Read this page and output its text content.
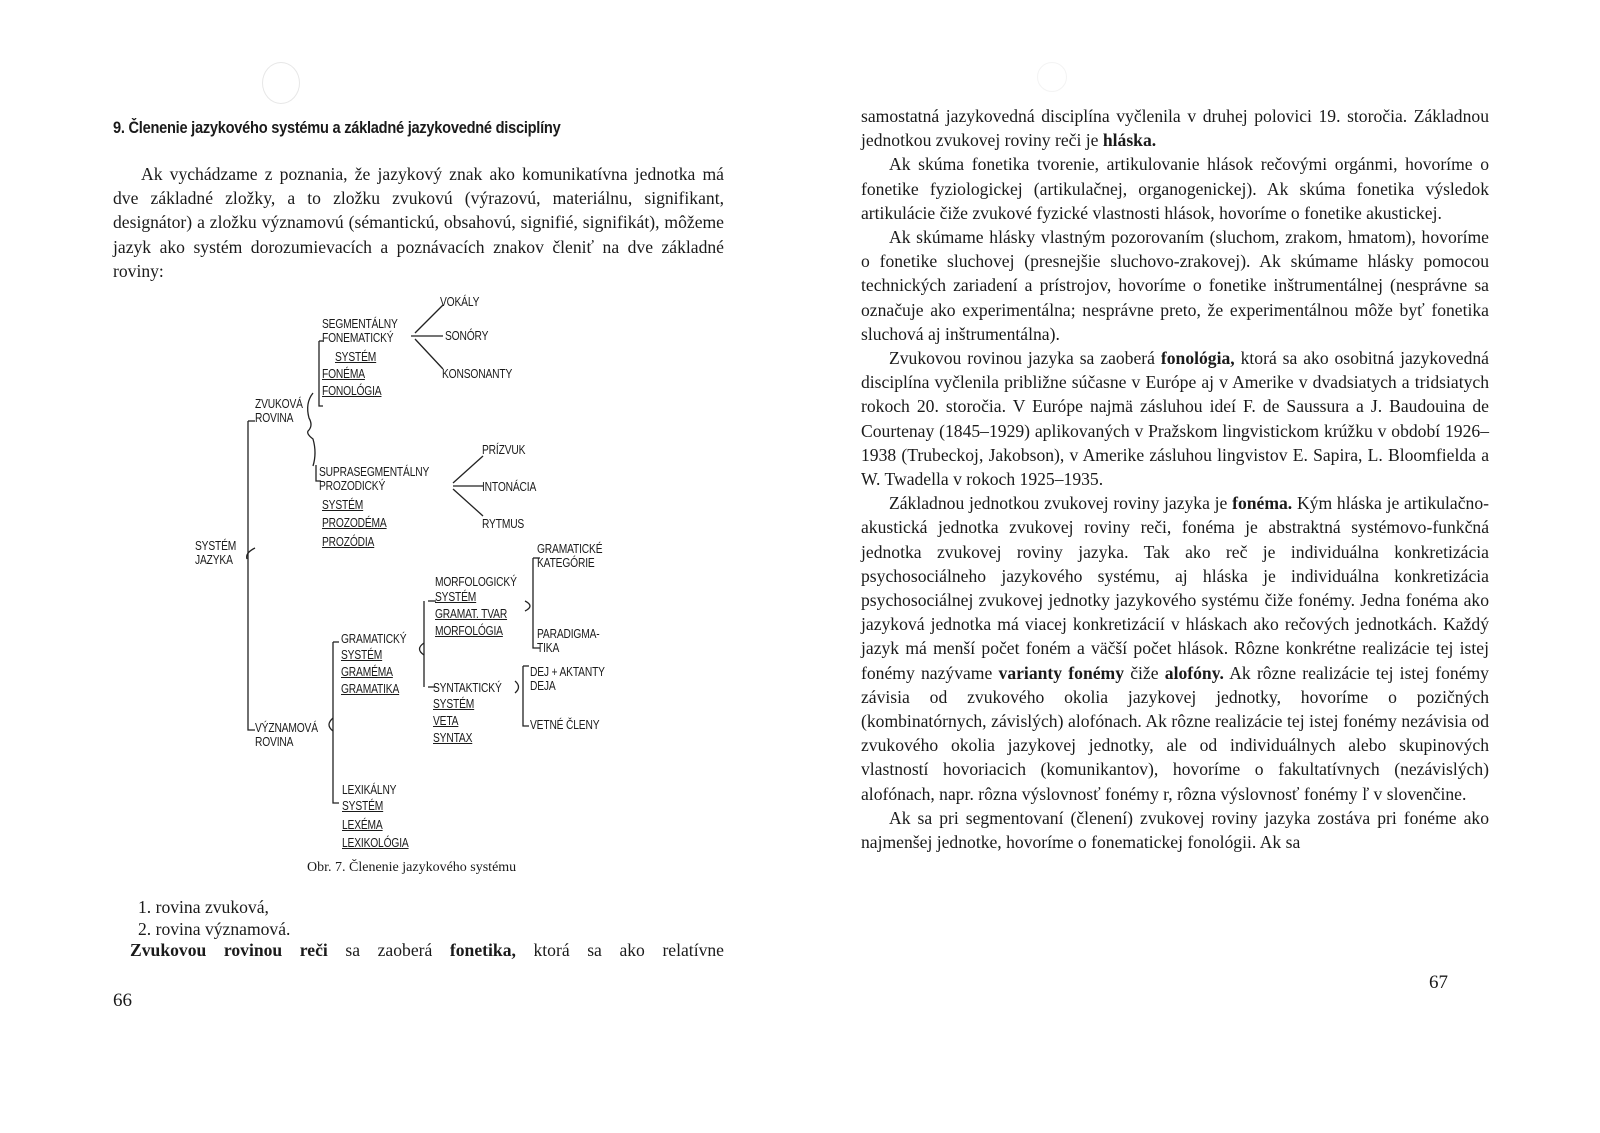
9. Členenie jazykového systému a základné jazykovedné disciplíny

Ak vychádzame z poznania, že jazykový znak ako komunikatívna jednotka má dve základné zložky, a to zložku zvukovú (výrazovú, materiálnu, signifikant, designátor) a zložku významovú (sémantickú, obsahovú, signifié, signifikát), môžeme jazyk ako systém dorozumievacích a poznávacích znakov členiť na dve základné roviny:

VOKÁLY
SEGMENTÁLNY
FONEMATICKÝ	SONÓRY
SYSTÉM
FONÉMA	KONSONANTY
FONOLÓGIA
ZVUKOVÁ
ROVINA
PRÍZVUK
SUPRASEGMENTÁLNY
PROZODICKÝ	INTONÁCIA
SYSTÉM
PROZODÉMA	RYTMUS
PROZÓDIA
SYSTÉM
JAZYKA
GRAMATICKÉ
KATEGÓRIE
MORFOLOGICKÝ
SYSTÉM
GRAMAT. TVAR
MORFOLÓGIA	PARADIGMA-
TIKA
GRAMATICKÝ
SYSTÉM
DEJ + AKTANTY
GRAMÉMA
DEJA
SYNTAKTICKÝ
GRAMATIKA
SYSTÉM
VETA
VÝZNAMOVÁ
ROVINA
VETNÉ ČLENY
SYNTAX
LEXIKÁLNY
SYSTÉM
LEXÉMA
LEXIKOLÓGIA
Obr. 7. Členenie jazykového systému
1. rovina zvuková,
2. rovina významová.
Zvukovou rovinou reči sa zaoberá fonetika, ktorá sa ako relatívne
66

samostatná jazykovedná disciplína vyčlenila v druhej polovici 19. storočia. Základnou jednotkou zvukovej roviny reči je hláska.

Ak skúma fonetika tvorenie, artikulovanie hlások rečovými orgánmi, hovoríme o fonetike fyziologickej (artikulačnej, organogenickej). Ak skúma fonetika výsledok artikulácie čiže zvukové fyzické vlastnosti hlások, hovoríme o fonetike akustickej.

Ak skúmame hlásky vlastným pozorovaním (sluchom, zrakom, hmatom), hovoríme o fonetike sluchovej (presnejšie sluchovo-zrakovej). Ak skúmame hlásky pomocou technických zariadení a prístrojov, hovoríme o fonetike inštrumentálnej (nesprávne sa označuje ako experimentálna; nesprávne preto, že experimentálnou môže byť fonetika sluchová aj inštrumentálna).

Zvukovou rovinou jazyka sa zaoberá fonológia, ktorá sa ako osobitná jazykovedná disciplína vyčlenila približne súčasne v Európe aj v Amerike v dvadsiatych a tridsiatych rokoch 20. storočia. V Európe najmä zásluhou ideí F. de Saussura a J. Baudouina de Courtenay (1845–1929) aplikovaných v Pražskom lingvistickom krúžku v období 1926–1938 (Trubeckoj, Jakobson), v Amerike zásluhou lingvistov E. Sapira, L. Bloomfielda a W. Twadella v rokoch 1925–1935.

Základnou jednotkou zvukovej roviny jazyka je fonéma. Kým hláska je artikulačno-akustická jednotka zvukovej roviny reči, fonéma je abstraktná systémovo-funkčná jednotka zvukovej roviny jazyka. Tak ako reč je individuálna konkretizácia psychosociálneho jazykového systému, aj hláska je individuálna konkretizácia psychosociálnej zvukovej jednotky jazykového systému čiže fonémy. Jedna fonéma ako jazyková jednotka má viacej konkretizácií v hláskach ako rečových jednotkách. Každý jazyk má menší počet foném a väčší počet hlások. Rôzne konkrétne realizácie tej istej fonémy nazývame varianty fonémy čiže alofóny. Ak rôzne realizácie tej istej fonémy závisia od zvukového okolia jazykovej jednotky, hovoríme o pozičných (kombinatórnych, závislých) alofónach. Ak rôzne realizácie tej istej fonémy nezávisia od zvukového okolia jazykovej jednotky, ale od individuálnych alebo skupinových vlastností hovoriacich (komunikantov), hovoríme o fakultatívnych (nezávislých) alofónach, napr. rôzna výslovnosť fonémy r, rôzna výslovnosť fonémy ľ v slovenčine.

Ak sa pri segmentovaní (členení) zvukovej roviny jazyka zostáva pri fonéme ako najmenšej jednotke, hovoríme o fonematickej fonológii. Ak sa

67
